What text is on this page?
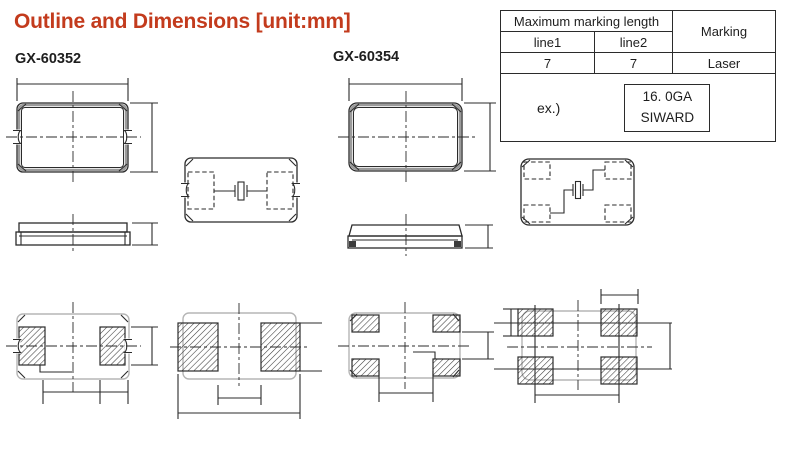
Outline and Dimensions [unit:mm]
GX-60352	GX-60354
Maximum marking length		Marking
line1	line2	
7	7	Laser

ex.)
16. 0GA
SIWARD		
